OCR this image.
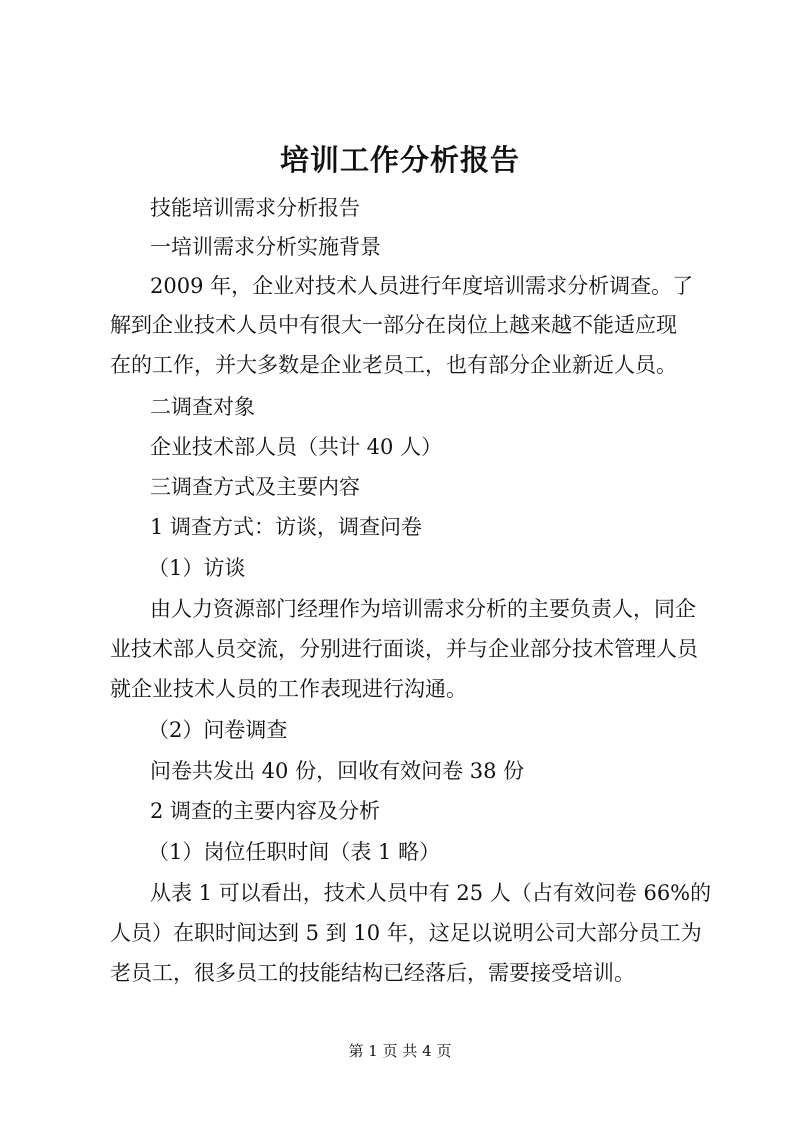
培训工作分析报告
技能培训需求分析报告
一培训需求分析实施背景
2009 年，企业对技术人员进行年度培训需求分析调查。了
解到企业技术人员中有很大一部分在岗位上越来越不能适应现
在的工作，并大多数是企业老员工，也有部分企业新近人员。
二调查对象
企业技术部人员（共计 40 人）
三调查方式及主要内容
1 调查方式：访谈，调查问卷
（1）访谈
由人力资源部门经理作为培训需求分析的主要负责人，同企
业技术部人员交流，分别进行面谈，并与企业部分技术管理人员
就企业技术人员的工作表现进行沟通。
（2）问卷调查
问卷共发出 40 份，回收有效问卷 38 份
2 调查的主要内容及分析
（1）岗位任职时间（表 1 略）
从表 1 可以看出，技术人员中有 25 人（占有效问卷 66%的
人员）在职时间达到 5 到 10 年，这足以说明公司大部分员工为
老员工，很多员工的技能结构已经落后，需要接受培训。
第 1 页 共 4 页
